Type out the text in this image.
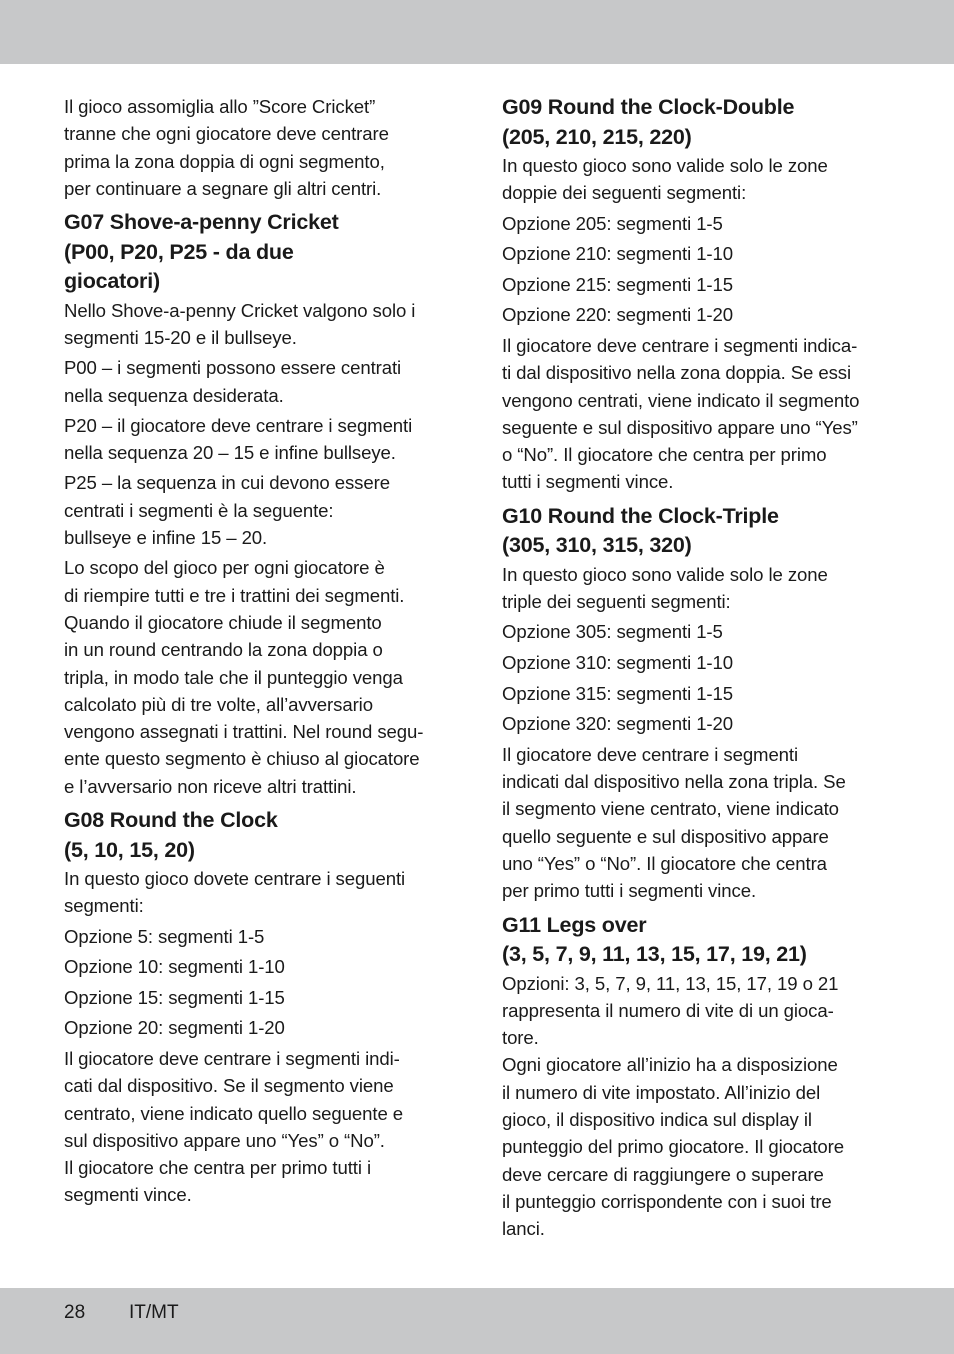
Il gioco assomiglia allo ”Score Cricket”
tranne che ogni giocatore deve centrare
prima la zona doppia di ogni segmento,
per continuare a segnare gli altri centri.

G07 Shove-a-penny Cricket
(P00, P20, P25 - da due
giocatori)

Nello Shove-a-penny Cricket valgono solo i
segmenti 15-20 e il bullseye.

P00 – i segmenti possono essere centrati
nella sequenza desiderata.

P20 – il giocatore deve centrare i segmenti
nella sequenza 20 – 15 e infine bullseye.

P25 – la sequenza in cui devono essere
centrati i segmenti è la seguente:
bullseye e infine 15 – 20.

Lo scopo del gioco per ogni giocatore è
di riempire tutti e tre i trattini dei segmenti.
Quando il giocatore chiude il segmento
in un round centrando la zona doppia o
tripla, in modo tale che il punteggio venga
calcolato più di tre volte, all’avversario
vengono assegnati i trattini. Nel round segu-
ente questo segmento è chiuso al giocatore
e l’avversario non riceve altri trattini.

G08 Round the Clock
(5, 10, 15, 20)

In questo gioco dovete centrare i seguenti
segmenti:

Opzione 5: segmenti 1-5

Opzione 10: segmenti 1-10

Opzione 15: segmenti 1-15

Opzione 20: segmenti 1-20

Il giocatore deve centrare i segmenti indi-
cati dal dispositivo. Se il segmento viene
centrato, viene indicato quello seguente e
sul dispositivo appare uno “Yes” o “No”.
Il giocatore che centra per primo tutti i
segmenti vince.

G09 Round the Clock-Double
(205, 210, 215, 220)

In questo gioco sono valide solo le zone
doppie dei seguenti segmenti:

Opzione 205: segmenti 1-5

Opzione 210: segmenti 1-10

Opzione 215: segmenti 1-15

Opzione 220: segmenti 1-20

Il giocatore deve centrare i segmenti indica-
ti dal dispositivo nella zona doppia. Se essi
vengono centrati, viene indicato il segmento
seguente e sul dispositivo appare uno “Yes”
o “No”. Il giocatore che centra per primo
tutti i segmenti vince.

G10 Round the Clock-Triple
(305, 310, 315, 320)

In questo gioco sono valide solo le zone
triple dei seguenti segmenti:

Opzione 305: segmenti 1-5

Opzione 310: segmenti 1-10

Opzione 315: segmenti 1-15

Opzione 320: segmenti 1-20

Il giocatore deve centrare i segmenti
indicati dal dispositivo nella zona tripla. Se
il segmento viene centrato, viene indicato
quello seguente e sul dispositivo appare
uno “Yes” o “No”. Il giocatore che centra
per primo tutti i segmenti vince.

G11 Legs over
(3, 5, 7, 9, 11, 13, 15, 17, 19, 21)

Opzioni: 3, 5, 7, 9, 11, 13, 15, 17, 19 o 21
rappresenta il numero di vite di un gioca-
tore.
Ogni giocatore all’inizio ha a disposizione
il numero di vite impostato. All’inizio del
gioco, il dispositivo indica sul display il
punteggio del primo giocatore. Il giocatore
deve cercare di raggiungere o superare
il punteggio corrispondente con i suoi tre
lanci.

28 IT/MT
